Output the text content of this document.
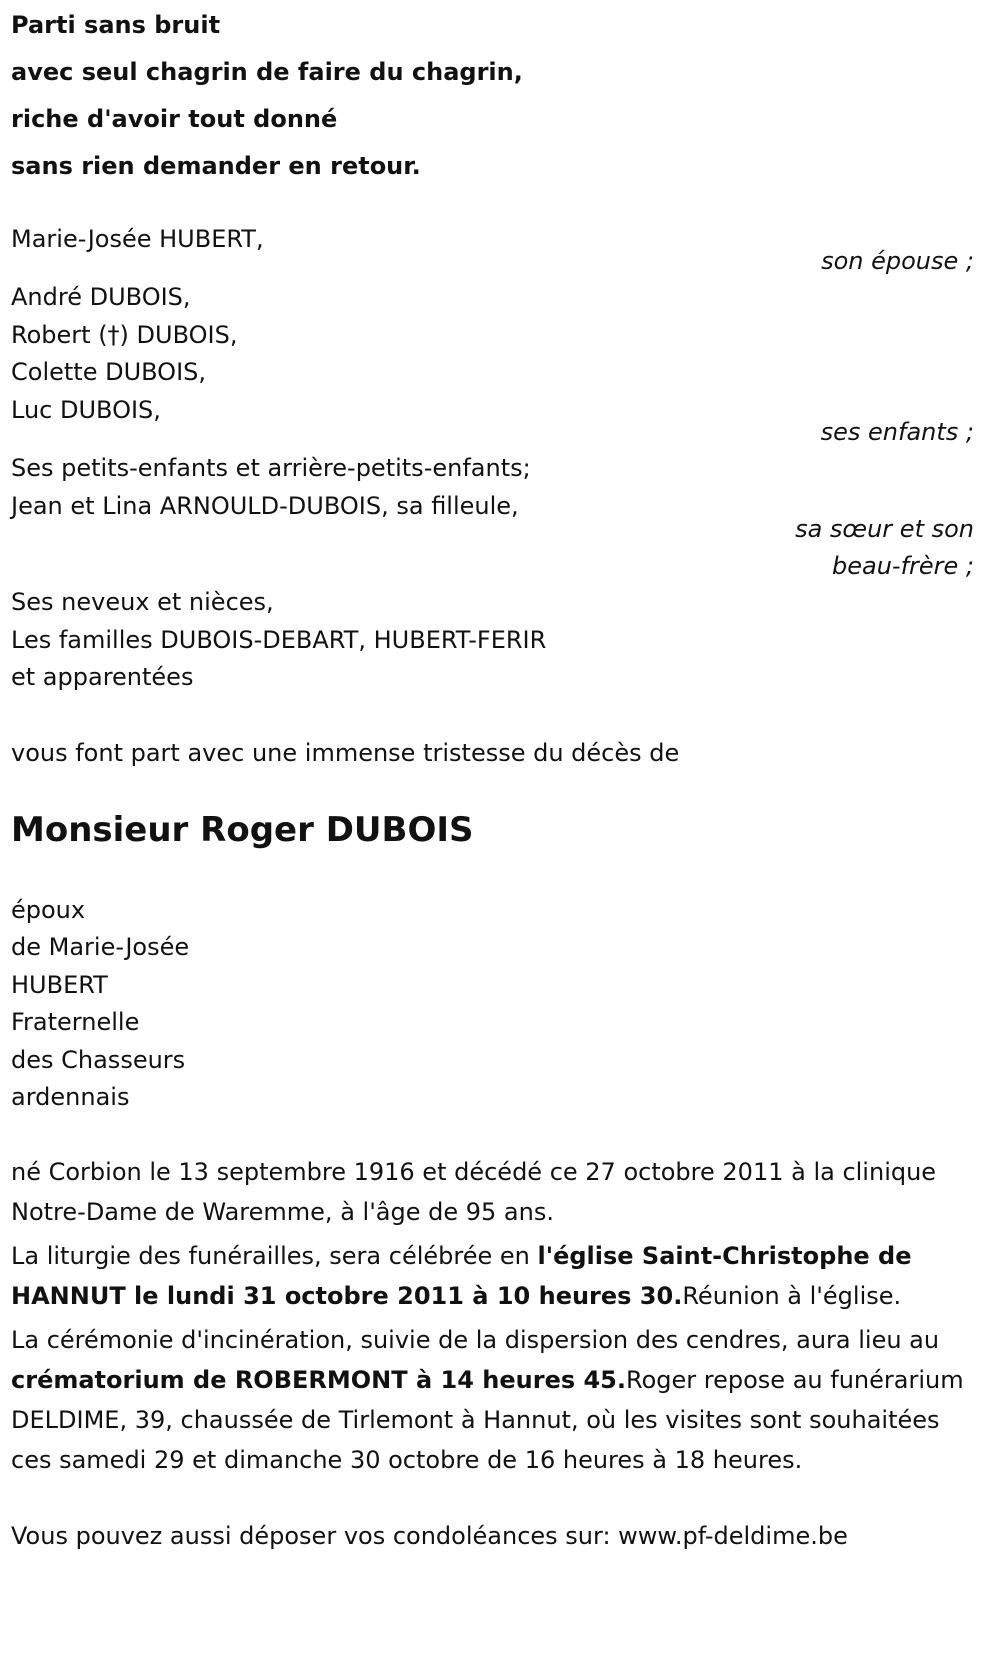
Parti sans bruit
avec seul chagrin de faire du chagrin,
riche d'avoir tout donné
sans rien demander en retour.
Marie-Josée HUBERT,
son épouse ;
André DUBOIS,
Robert (†) DUBOIS,
Colette DUBOIS,
Luc DUBOIS,
ses enfants ;
Ses petits-enfants et arrière-petits-enfants;
Jean et Lina ARNOULD-DUBOIS, sa filleule,
sa sœur et son
beau-frère ;
Ses neveux et nièces,
Les familles DUBOIS-DEBART, HUBERT-FERIR
et apparentées
vous font part avec une immense tristesse du décès de
Monsieur Roger DUBOIS
époux
de Marie-Josée
HUBERT
Fraternelle
des Chasseurs
ardennais
né Corbion le 13 septembre 1916 et décédé ce 27 octobre 2011 à la clinique Notre-Dame de Waremme, à l'âge de 95 ans.
La liturgie des funérailles, sera célébrée en l'église Saint-Christophe de HANNUT le lundi 31 octobre 2011 à 10 heures 30.Réunion à l'église.
La cérémonie d'incinération, suivie de la dispersion des cendres, aura lieu au crématorium de ROBERMONT à 14 heures 45.Roger repose au funérarium DELDIME, 39, chaussée de Tirlemont à Hannut, où les visites sont souhaitées ces samedi 29 et dimanche 30 octobre de 16 heures à 18 heures.
Vous pouvez aussi déposer vos condoléances sur: www.pf-deldime.be
